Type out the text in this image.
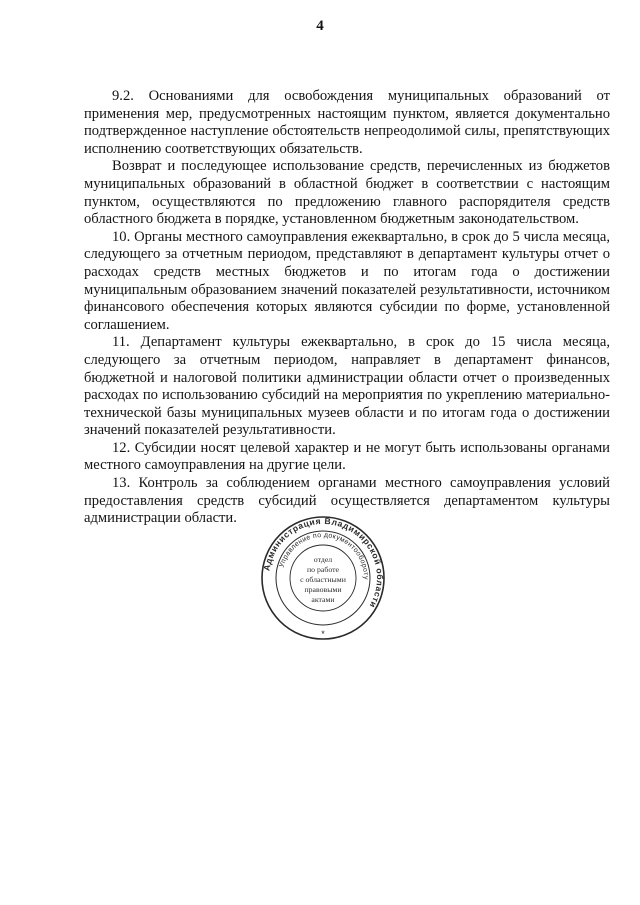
4

9.2. Основаниями для освобождения муниципальных образований от применения мер, предусмотренных настоящим пунктом, является документально подтвержденное наступление обстоятельств непреодолимой силы, препятствующих исполнению соответствующих обязательств.

Возврат и последующее использование средств, перечисленных из бюджетов муниципальных образований в областной бюджет в соответствии с настоящим пунктом, осуществляются по предложению главного распорядителя средств областного бюджета в порядке, установленном бюджетным законодательством.

10. Органы местного самоуправления ежеквартально, в срок до 5 числа месяца, следующего за отчетным периодом, представляют в департамент культуры отчет о расходах средств местных бюджетов и по итогам года о достижении муниципальным образованием значений показателей результативности, источником финансового обеспечения которых являются субсидии по форме, установленной соглашением.

11. Департамент культуры ежеквартально, в срок до 15 числа месяца, следующего за отчетным периодом, направляет в департамент финансов, бюджетной и налоговой политики администрации области отчет о произведенных расходах по использованию субсидий на мероприятия по укреплению материально-технической базы муниципальных музеев области и по итогам года о достижении значений показателей результативности.

12. Субсидии носят целевой характер и не могут быть использованы органами местного самоуправления на другие цели.

13. Контроль за соблюдением органами местного самоуправления условий предоставления средств субсидий осуществляется департаментом культуры администрации области.

Администрация Владимирской области
Управление по документообороту
*
отдел
по работе
с областными
правовыми
актами
